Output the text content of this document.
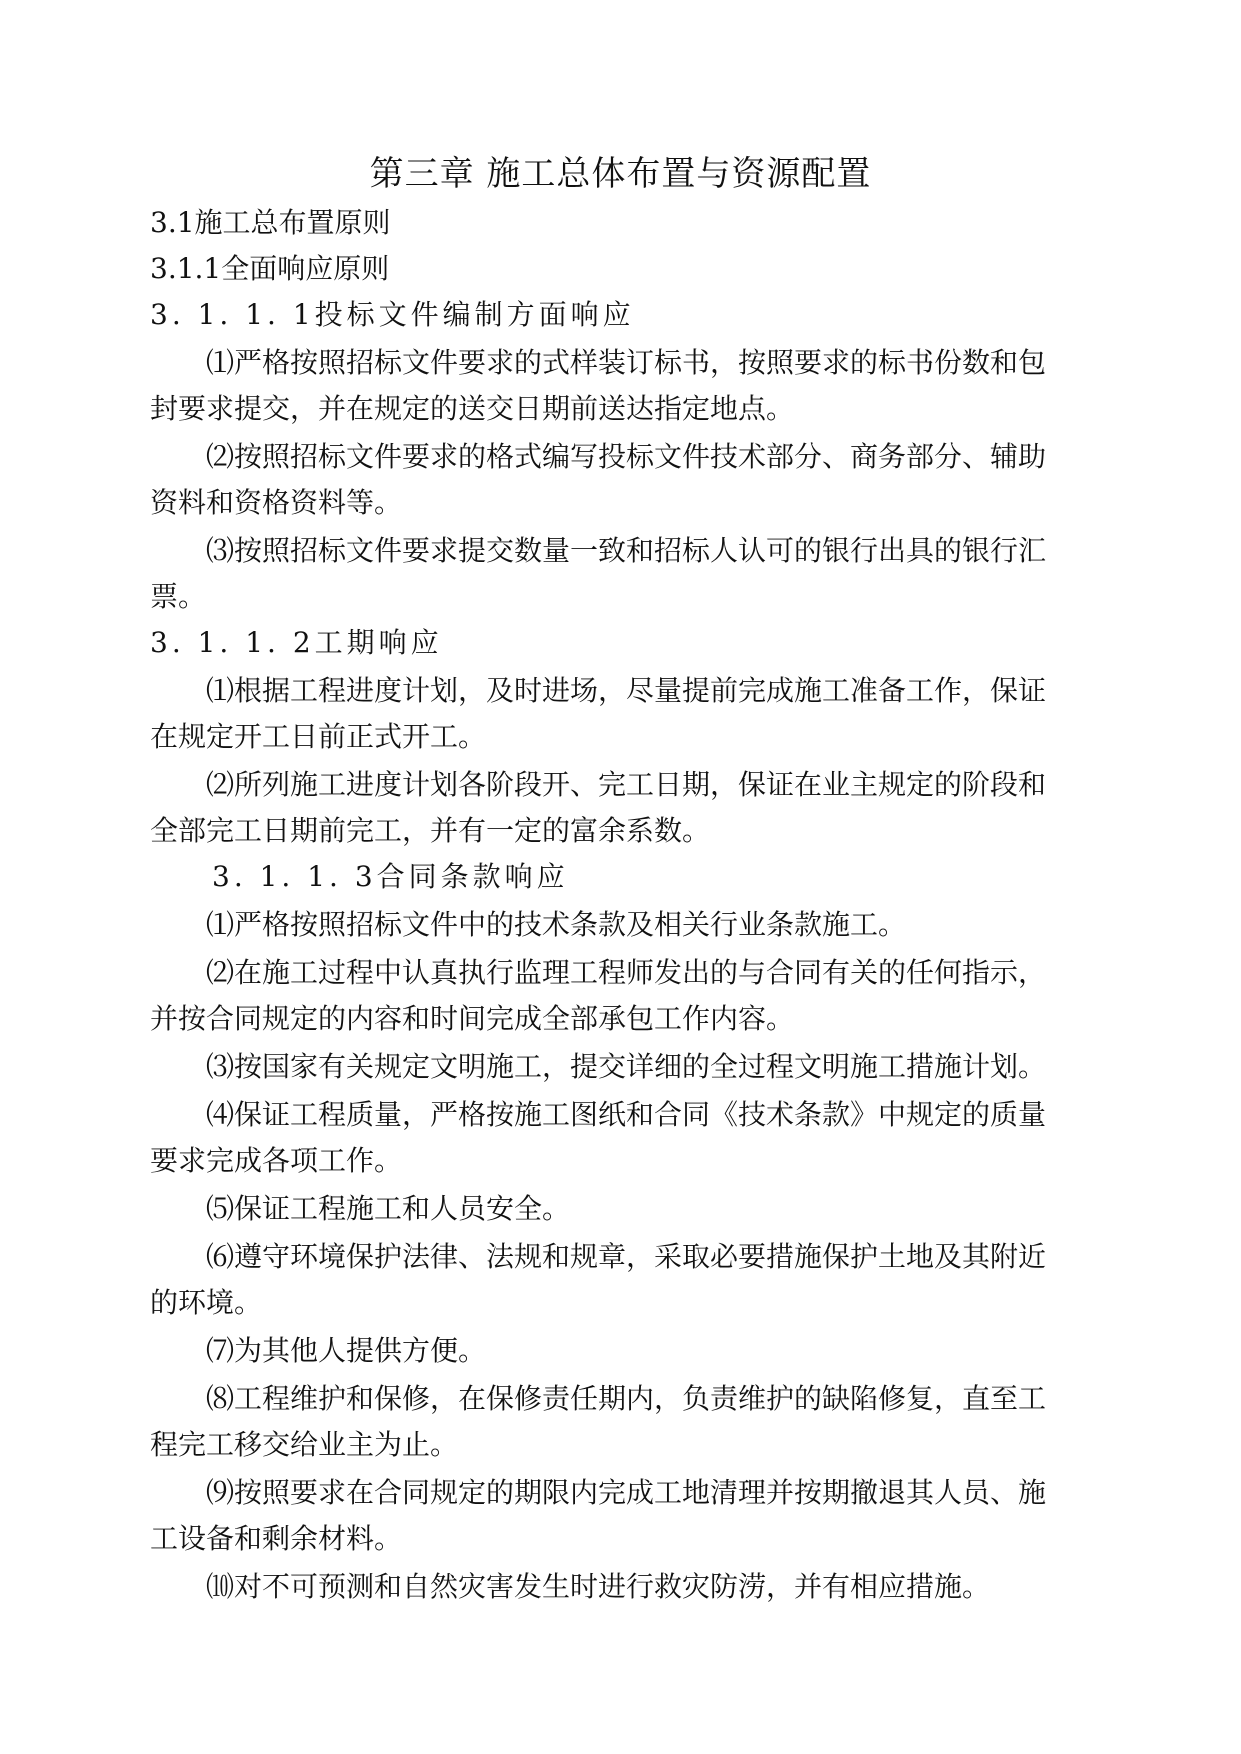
第三章 施工总体布置与资源配置
3.1施工总布置原则
3.1.1全面响应原则
3. 1. 1. 1投标文件编制方面响应
⑴严格按照招标文件要求的式样装订标书，按照要求的标书份数和包
封要求提交，并在规定的送交日期前送达指定地点。
⑵按照招标文件要求的格式编写投标文件技术部分、商务部分、辅助
资料和资格资料等。
⑶按照招标文件要求提交数量一致和招标人认可的银行出具的银行汇
票。
3. 1. 1. 2工期响应
⑴根据工程进度计划，及时进场，尽量提前完成施工准备工作，保证
在规定开工日前正式开工。
⑵所列施工进度计划各阶段开、完工日期，保证在业主规定的阶段和
全部完工日期前完工，并有一定的富余系数。
3. 1. 1. 3合同条款响应
⑴严格按照招标文件中的技术条款及相关行业条款施工。
⑵在施工过程中认真执行监理工程师发出的与合同有关的任何指示，
并按合同规定的内容和时间完成全部承包工作内容。
⑶按国家有关规定文明施工，提交详细的全过程文明施工措施计划。
⑷保证工程质量，严格按施工图纸和合同《技术条款》中规定的质量
要求完成各项工作。
⑸保证工程施工和人员安全。
⑹遵守环境保护法律、法规和规章，采取必要措施保护土地及其附近
的环境。
⑺为其他人提供方便。
⑻工程维护和保修，在保修责任期内，负责维护的缺陷修复，直至工
程完工移交给业主为止。
⑼按照要求在合同规定的期限内完成工地清理并按期撤退其人员、施
工设备和剩余材料。
⑽对不可预测和自然灾害发生时进行救灾防涝，并有相应措施。
